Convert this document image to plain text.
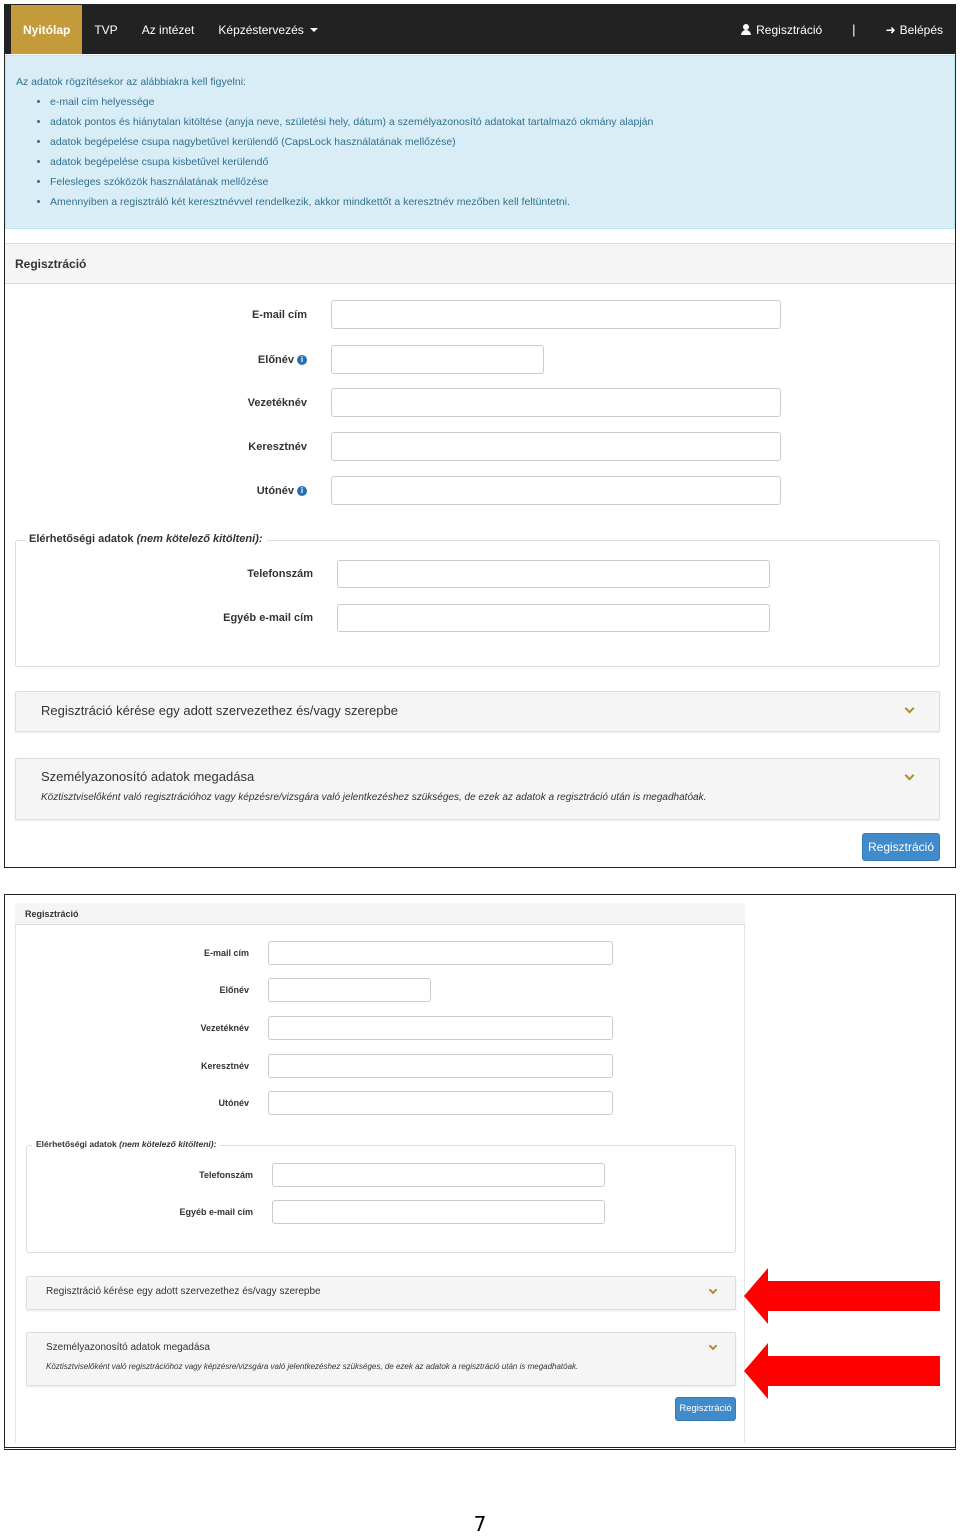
Nyitólap	TVP	Az intézet	Képzéstervezés	Regisztráció	|	➜ Belépés
Az adatok rögzítésekor az alábbiakra kell figyelni:
• e-mail cím helyessége
• adatok pontos és hiánytalan kitöltése (anyja neve, születési hely, dátum) a személyazonosító adatokat tartalmazó okmány alapján
• adatok begépelése csupa nagybetűvel kerülendő (CapsLock használatának mellőzése)
• adatok begépelése csupa kisbetűvel kerülendő
• Felesleges szóközök használatának mellőzése
• Amennyiben a regisztráló két keresztnévvel rendelkezik, akkor mindkettőt a keresztnév mezőben kell feltüntetni.
Regisztráció
E-mail cím
Előnév i
Vezetéknév
Keresztnév
Utónév i
Elérhetőségi adatok (nem kötelező kitölteni):
Telefonszám
Egyéb e-mail cím
Regisztráció kérése egy adott szervezethez és/vagy szerepbe
Személyazonosító adatok megadása
Köztisztviselőként való regisztrációhoz vagy képzésre/vizsgára való jelentkezéshez szükséges, de ezek az adatok a regisztráció után is megadhatóak.
Regisztráció
Regisztráció
E-mail cím
Előnév
Vezetéknév
Keresztnév
Utónév
Elérhetőségi adatok (nem kötelező kitölteni):
Telefonszám
Egyéb e-mail cím
Regisztráció kérése egy adott szervezethez és/vagy szerepbe
Személyazonosító adatok megadása
Köztisztviselőként való regisztrációhoz vagy képzésre/vizsgára való jelentkezéshez szükséges, de ezek az adatok a regisztráció után is megadhatóak.
Regisztráció
7
